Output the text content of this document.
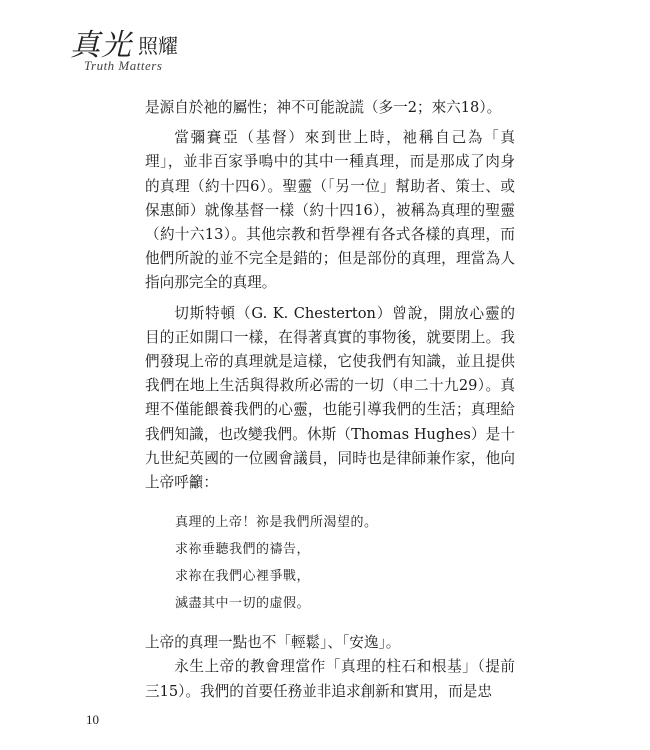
真光 照耀
Truth Matters

是源自於祂的屬性；神不可能說謊（多一2；來六18）。

當彌賽亞（基督）來到世上時，祂稱自己為「真理」，並非百家爭鳴中的其中一種真理，而是那成了肉身的真理（約十四6）。聖靈（「另一位」幫助者、策士、或保惠師）就像基督一樣（約十四16），被稱為真理的聖靈（約十六13）。其他宗教和哲學裡有各式各樣的真理，而他們所說的並不完全是錯的；但是部份的真理，理當為人指向那完全的真理。

切斯特頓（G. K. Chesterton）曾說，開放心靈的目的正如開口一樣，在得著真實的事物後，就要閉上。我們發現上帝的真理就是這樣，它使我們有知識，並且提供我們在地上生活與得救所必需的一切（申二十九29）。真理不僅能餵養我們的心靈，也能引導我們的生活；真理給我們知識，也改變我們。休斯（Thomas Hughes）是十九世紀英國的一位國會議員，同時也是律師兼作家，他向上帝呼籲：

真理的上帝！祢是我們所渴望的。
求祢垂聽我們的禱告，
求祢在我們心裡爭戰，
滅盡其中一切的虛假。

上帝的真理一點也不「輕鬆」、「安逸」。

永生上帝的教會理當作「真理的柱石和根基」（提前三15）。我們的首要任務並非追求創新和實用，而是忠

10
